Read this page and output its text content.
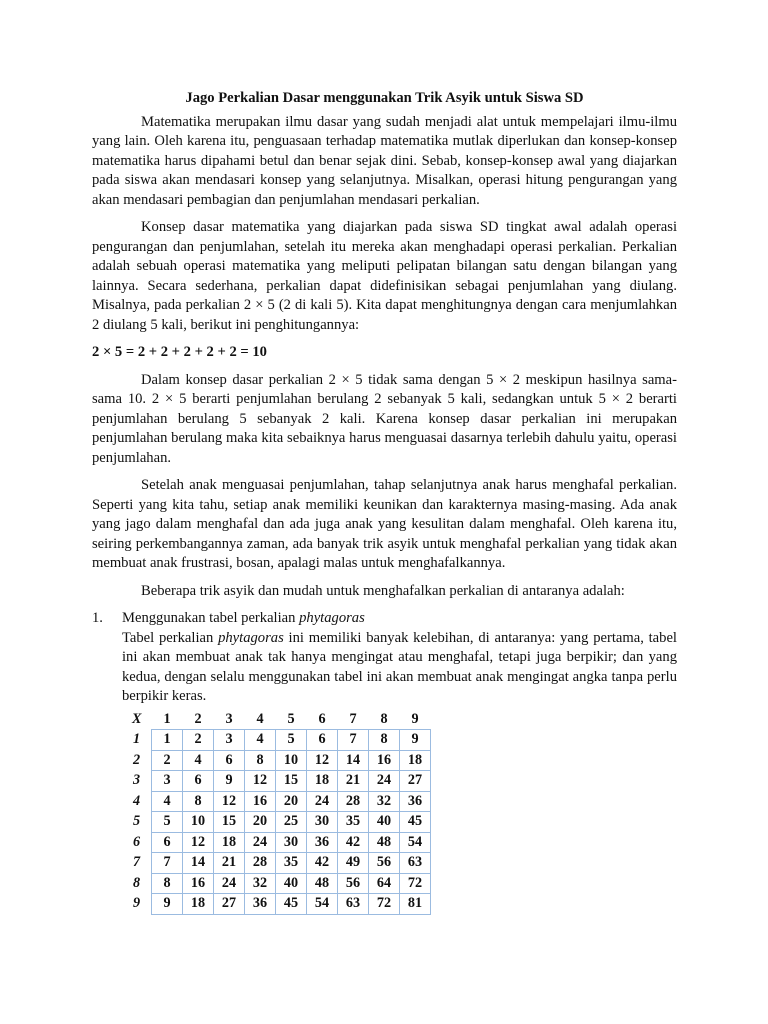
Jago Perkalian Dasar menggunakan Trik Asyik untuk Siswa SD

Matematika merupakan ilmu dasar yang sudah menjadi alat untuk mempelajari ilmu-ilmu yang lain. Oleh karena itu, penguasaan terhadap matematika mutlak diperlukan dan konsep-konsep matematika harus dipahami betul dan benar sejak dini. Sebab, konsep-konsep awal yang diajarkan pada siswa akan mendasari konsep yang selanjutnya. Misalkan, operasi hitung pengurangan yang akan mendasari pembagian dan penjumlahan mendasari perkalian.

Konsep dasar matematika yang diajarkan pada siswa SD tingkat awal adalah operasi pengurangan dan penjumlahan, setelah itu mereka akan menghadapi operasi perkalian. Perkalian adalah sebuah operasi matematika yang meliputi pelipatan bilangan satu dengan bilangan yang lainnya. Secara sederhana, perkalian dapat didefinisikan sebagai penjumlahan yang diulang. Misalnya, pada perkalian 2 × 5 (2 di kali 5). Kita dapat menghitungnya dengan cara menjumlahkan 2 diulang 5 kali, berikut ini penghitungannya:

2 × 5 = 2 + 2 + 2 + 2 + 2 = 10

Dalam konsep dasar perkalian 2 × 5 tidak sama dengan 5 × 2 meskipun hasilnya sama-sama 10. 2 × 5 berarti penjumlahan berulang 2 sebanyak 5 kali, sedangkan untuk 5 × 2 berarti penjumlahan berulang 5 sebanyak 2 kali. Karena konsep dasar perkalian ini merupakan penjumlahan berulang maka kita sebaiknya harus menguasai dasarnya terlebih dahulu yaitu, operasi penjumlahan.

Setelah anak menguasai penjumlahan, tahap selanjutnya anak harus menghafal perkalian. Seperti yang kita tahu, setiap anak memiliki keunikan dan karakternya masing-masing. Ada anak yang jago dalam menghafal dan ada juga anak yang kesulitan dalam menghafal. Oleh karena itu, seiring perkembangannya zaman, ada banyak trik asyik untuk menghafal perkalian yang tidak akan membuat anak frustrasi, bosan, apalagi malas untuk menghafalkannya.

Beberapa trik asyik dan mudah untuk menghafalkan perkalian di antaranya adalah:

1. Menggunakan tabel perkalian phytagoras

Tabel perkalian phytagoras ini memiliki banyak kelebihan, di antaranya: yang pertama, tabel ini akan membuat anak tak hanya mengingat atau menghafal, tetapi juga berpikir; dan yang kedua, dengan selalu menggunakan tabel ini akan membuat anak mengingat angka tanpa perlu berpikir keras.

X	1	2	3	4	5	6	7	8	9
1	1	2	3	4	5	6	7	8	9
2	2	4	6	8	10	12	14	16	18
3	3	6	9	12	15	18	21	24	27
4	4	8	12	16	20	24	28	32	36
5	5	10	15	20	25	30	35	40	45
6	6	12	18	24	30	36	42	48	54
7	7	14	21	28	35	42	49	56	63
8	8	16	24	32	40	48	56	64	72
9	9	18	27	36	45	54	63	72	81
